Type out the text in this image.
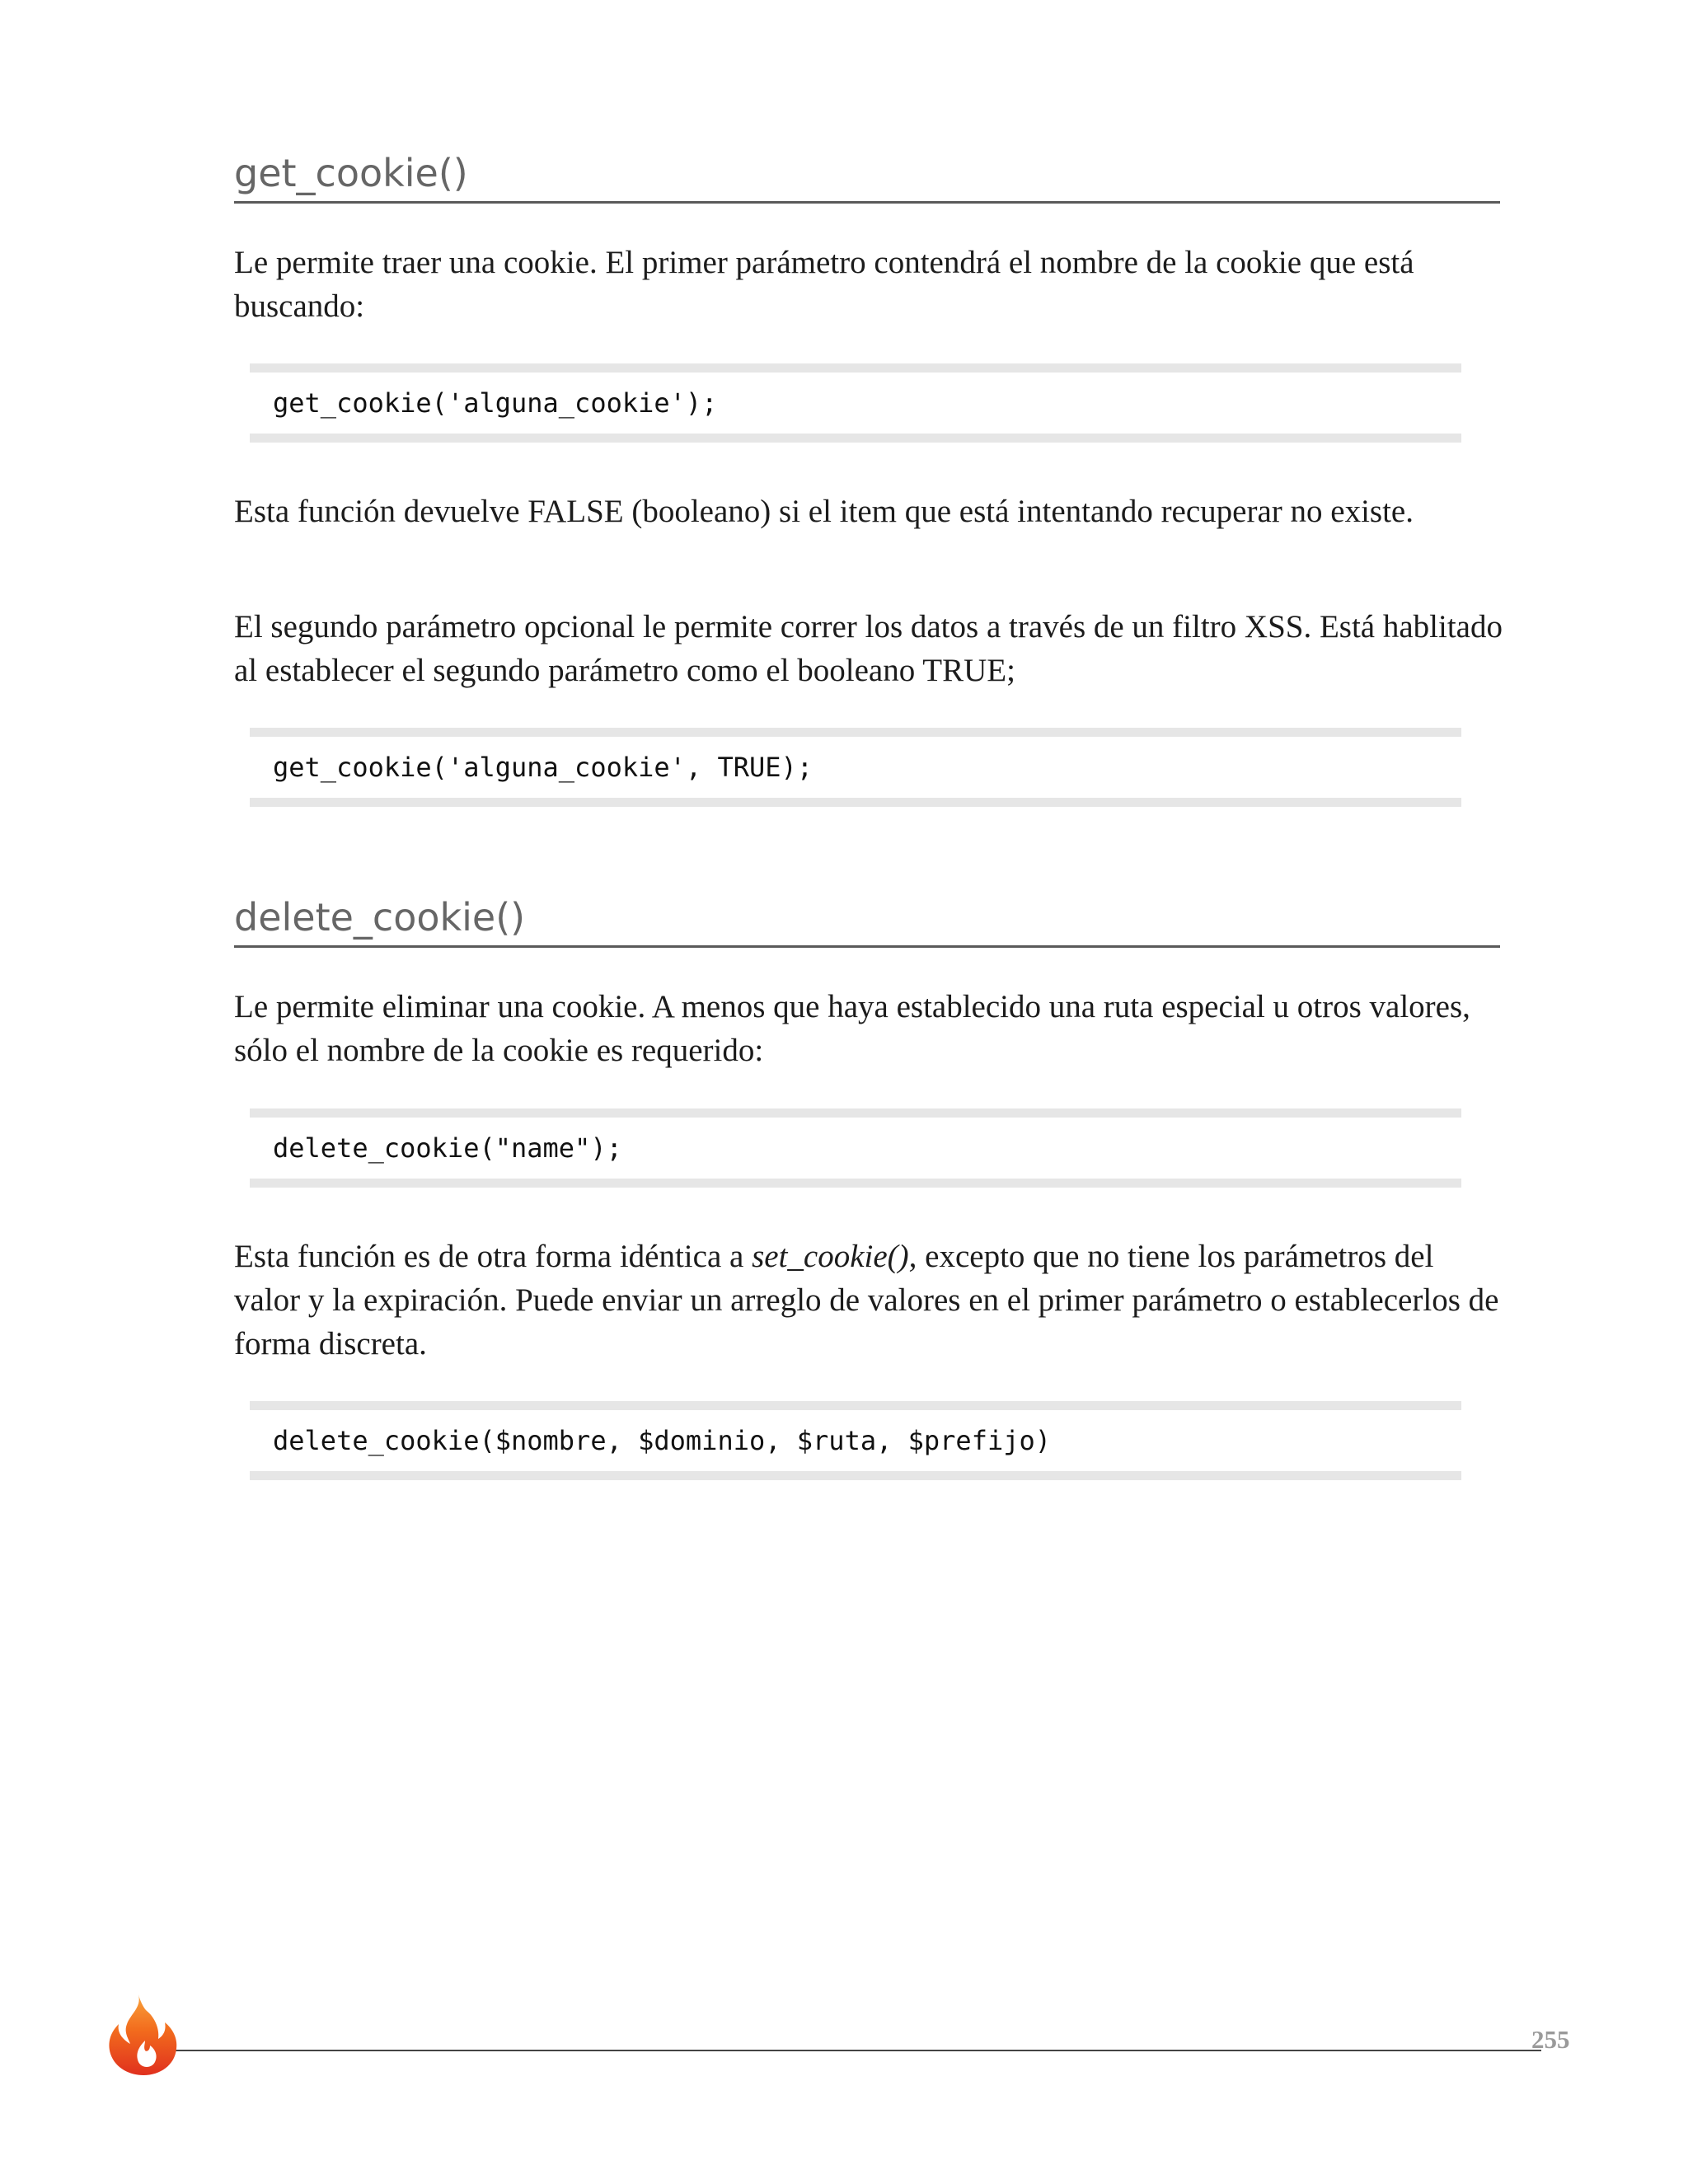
get_cookie()

Le permite traer una cookie. El primer parámetro contendrá el nombre de la cookie que está buscando:

get_cookie('alguna_cookie');

Esta función devuelve FALSE (booleano) si el item que está intentando recuperar no existe.

El segundo parámetro opcional le permite correr los datos a través de un filtro XSS. Está hablitado al establecer el segundo parámetro como el booleano TRUE;

get_cookie('alguna_cookie', TRUE);
delete_cookie()

Le permite eliminar una cookie. A menos que haya establecido una ruta especial u otros valores, sólo el nombre de la cookie es requerido:

delete_cookie("name");

Esta función es de otra forma idéntica a set_cookie(), excepto que no tiene los parámetros del valor y la expiración. Puede enviar un arreglo de valores en el primer parámetro o establecerlos de forma discreta.

delete_cookie($nombre, $dominio, $ruta, $prefijo)
255
